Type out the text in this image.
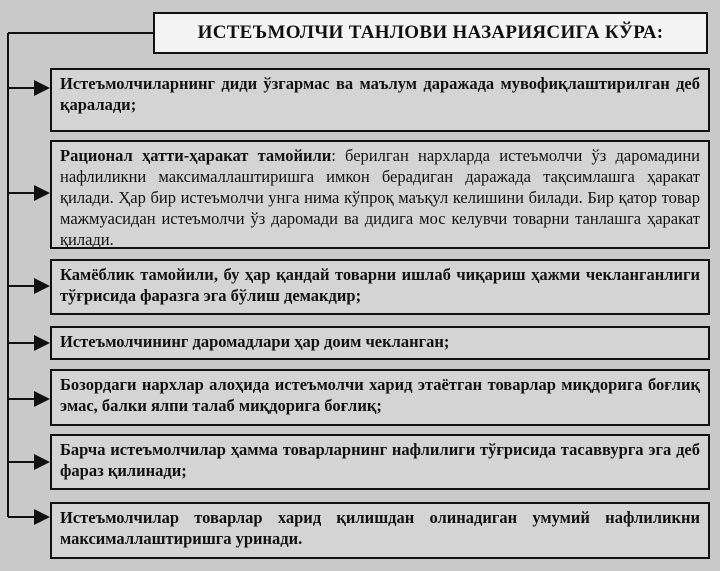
ИСТЕЪМОЛЧИ ТАНЛОВИ НАЗАРИЯСИГА КЎРА:
Истеъмолчиларнинг диди ўзгармас ва маълум даражада мувофиқлаштирилган деб қаралади;
Рационал ҳатти-ҳаракат тамойили: берилган нархларда истеъмолчи ўз даромадини нафлиликни максималлаштиришга имкон берадиган даражада тақсимлашга ҳаракат қилади. Ҳар бир истеъмолчи унга нима кўпроқ маъқул келишини билади. Бир қатор товар мажмуасидан истеъмолчи ўз даромади ва дидига мос келувчи товарни танлашга ҳаракат қилади.
Камёблик тамойили, бу ҳар қандай товарни ишлаб чиқариш ҳажми чекланганлиги тўғрисида фаразга эга бўлиш демакдир;
Истеъмолчининг даромадлари ҳар доим чекланган;
Бозордаги нархлар алоҳида истеъмолчи харид этаётган товарлар миқдорига боғлиқ эмас, балки ялпи талаб миқдорига боғлиқ;
Барча истеъмолчилар ҳамма товарларнинг нафлилиги тўғрисида тасаввурга эга деб фараз қилинади;
Истеъмолчилар товарлар харид қилишдан олинадиган умумий нафлиликни максималлаштиришга уринади.
